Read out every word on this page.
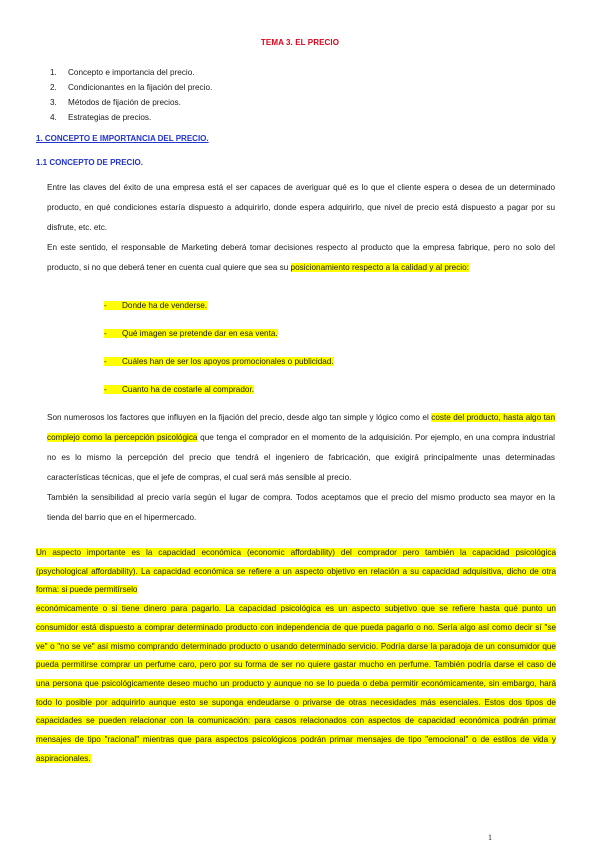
TEMA 3. EL PRECIO
1. Concepto e importancia del precio.
2. Condicionantes en la fijación del precio.
3. Métodos de fijación de precios.
4. Estrategias de precios.
1. CONCEPTO E IMPORTANCIA DEL PRECIO.
1.1 CONCEPTO DE PRECIO.

Entre las claves del éxito de una empresa está el ser capaces de averiguar qué es lo que el cliente espera o desea de un determinado producto, en qué condiciones estaría dispuesto a adquirirlo, donde espera adquirirlo, que nivel de precio está dispuesto a pagar por su disfrute, etc. etc.

En este sentido, el responsable de Marketing deberá tomar decisiones respecto al producto que la empresa fabrique, pero no solo del producto, si no que deberá tener en cuenta cual quiere que sea su posicionamiento respecto a la calidad y al precio:

- Donde ha de venderse.
- Qué imagen se pretende dar en esa venta.
- Cuáles han de ser los apoyos promocionales o publicidad.
- Cuanto ha de costarle al comprador.

Son numerosos los factores que influyen en la fijación del precio, desde algo tan simple y lógico como el coste del producto, hasta algo tan complejo como la percepción psicológica que tenga el comprador en el momento de la adquisición. Por ejemplo, en una compra industrial no es lo mismo la percepción del precio que tendrá el ingeniero de fabricación, que exigirá principalmente unas determinadas características técnicas, que el jefe de compras, el cual será más sensible al precio.

También la sensibilidad al precio varía según el lugar de compra. Todos aceptamos que el precio del mismo producto sea mayor en la tienda del barrio que en el hipermercado.

Un aspecto importante es la capacidad económica (economic affordability) del comprador pero también la capacidad psicológica (psychological affordability). La capacidad económica se refiere a un aspecto objetivo en relación a su capacidad adquisitiva, dicho de otra forma: si puede permitírselo
económicamente o si tiene dinero para pagarlo. La capacidad psicológica es un aspecto subjetivo que se refiere hasta qué punto un consumidor está dispuesto a comprar determinado producto con independencia de que pueda pagarlo o no. Sería algo así como decir sí "se ve" o "no se ve" así mismo comprando determinado producto o usando determinado servicio. Podría darse la paradoja de un consumidor que pueda permitirse comprar un perfume caro, pero por su forma de ser no quiere gastar mucho en perfume. También podría darse el caso de una persona que psicológicamente deseo mucho un producto y aunque no se lo pueda o deba permitir económicamente, sin embargo, hará todo lo posible por adquirirlo aunque esto se suponga endeudarse o privarse de otras necesidades más esenciales. Estos dos tipos de capacidades se pueden relacionar con la comunicación: para casos relacionados con aspectos de capacidad económica podrán primar mensajes de tipo "racional" mientras que para aspectos psicológicos podrán primar mensajes de tipo "emocional" o de estilos de vida y aspiracionales.

1
